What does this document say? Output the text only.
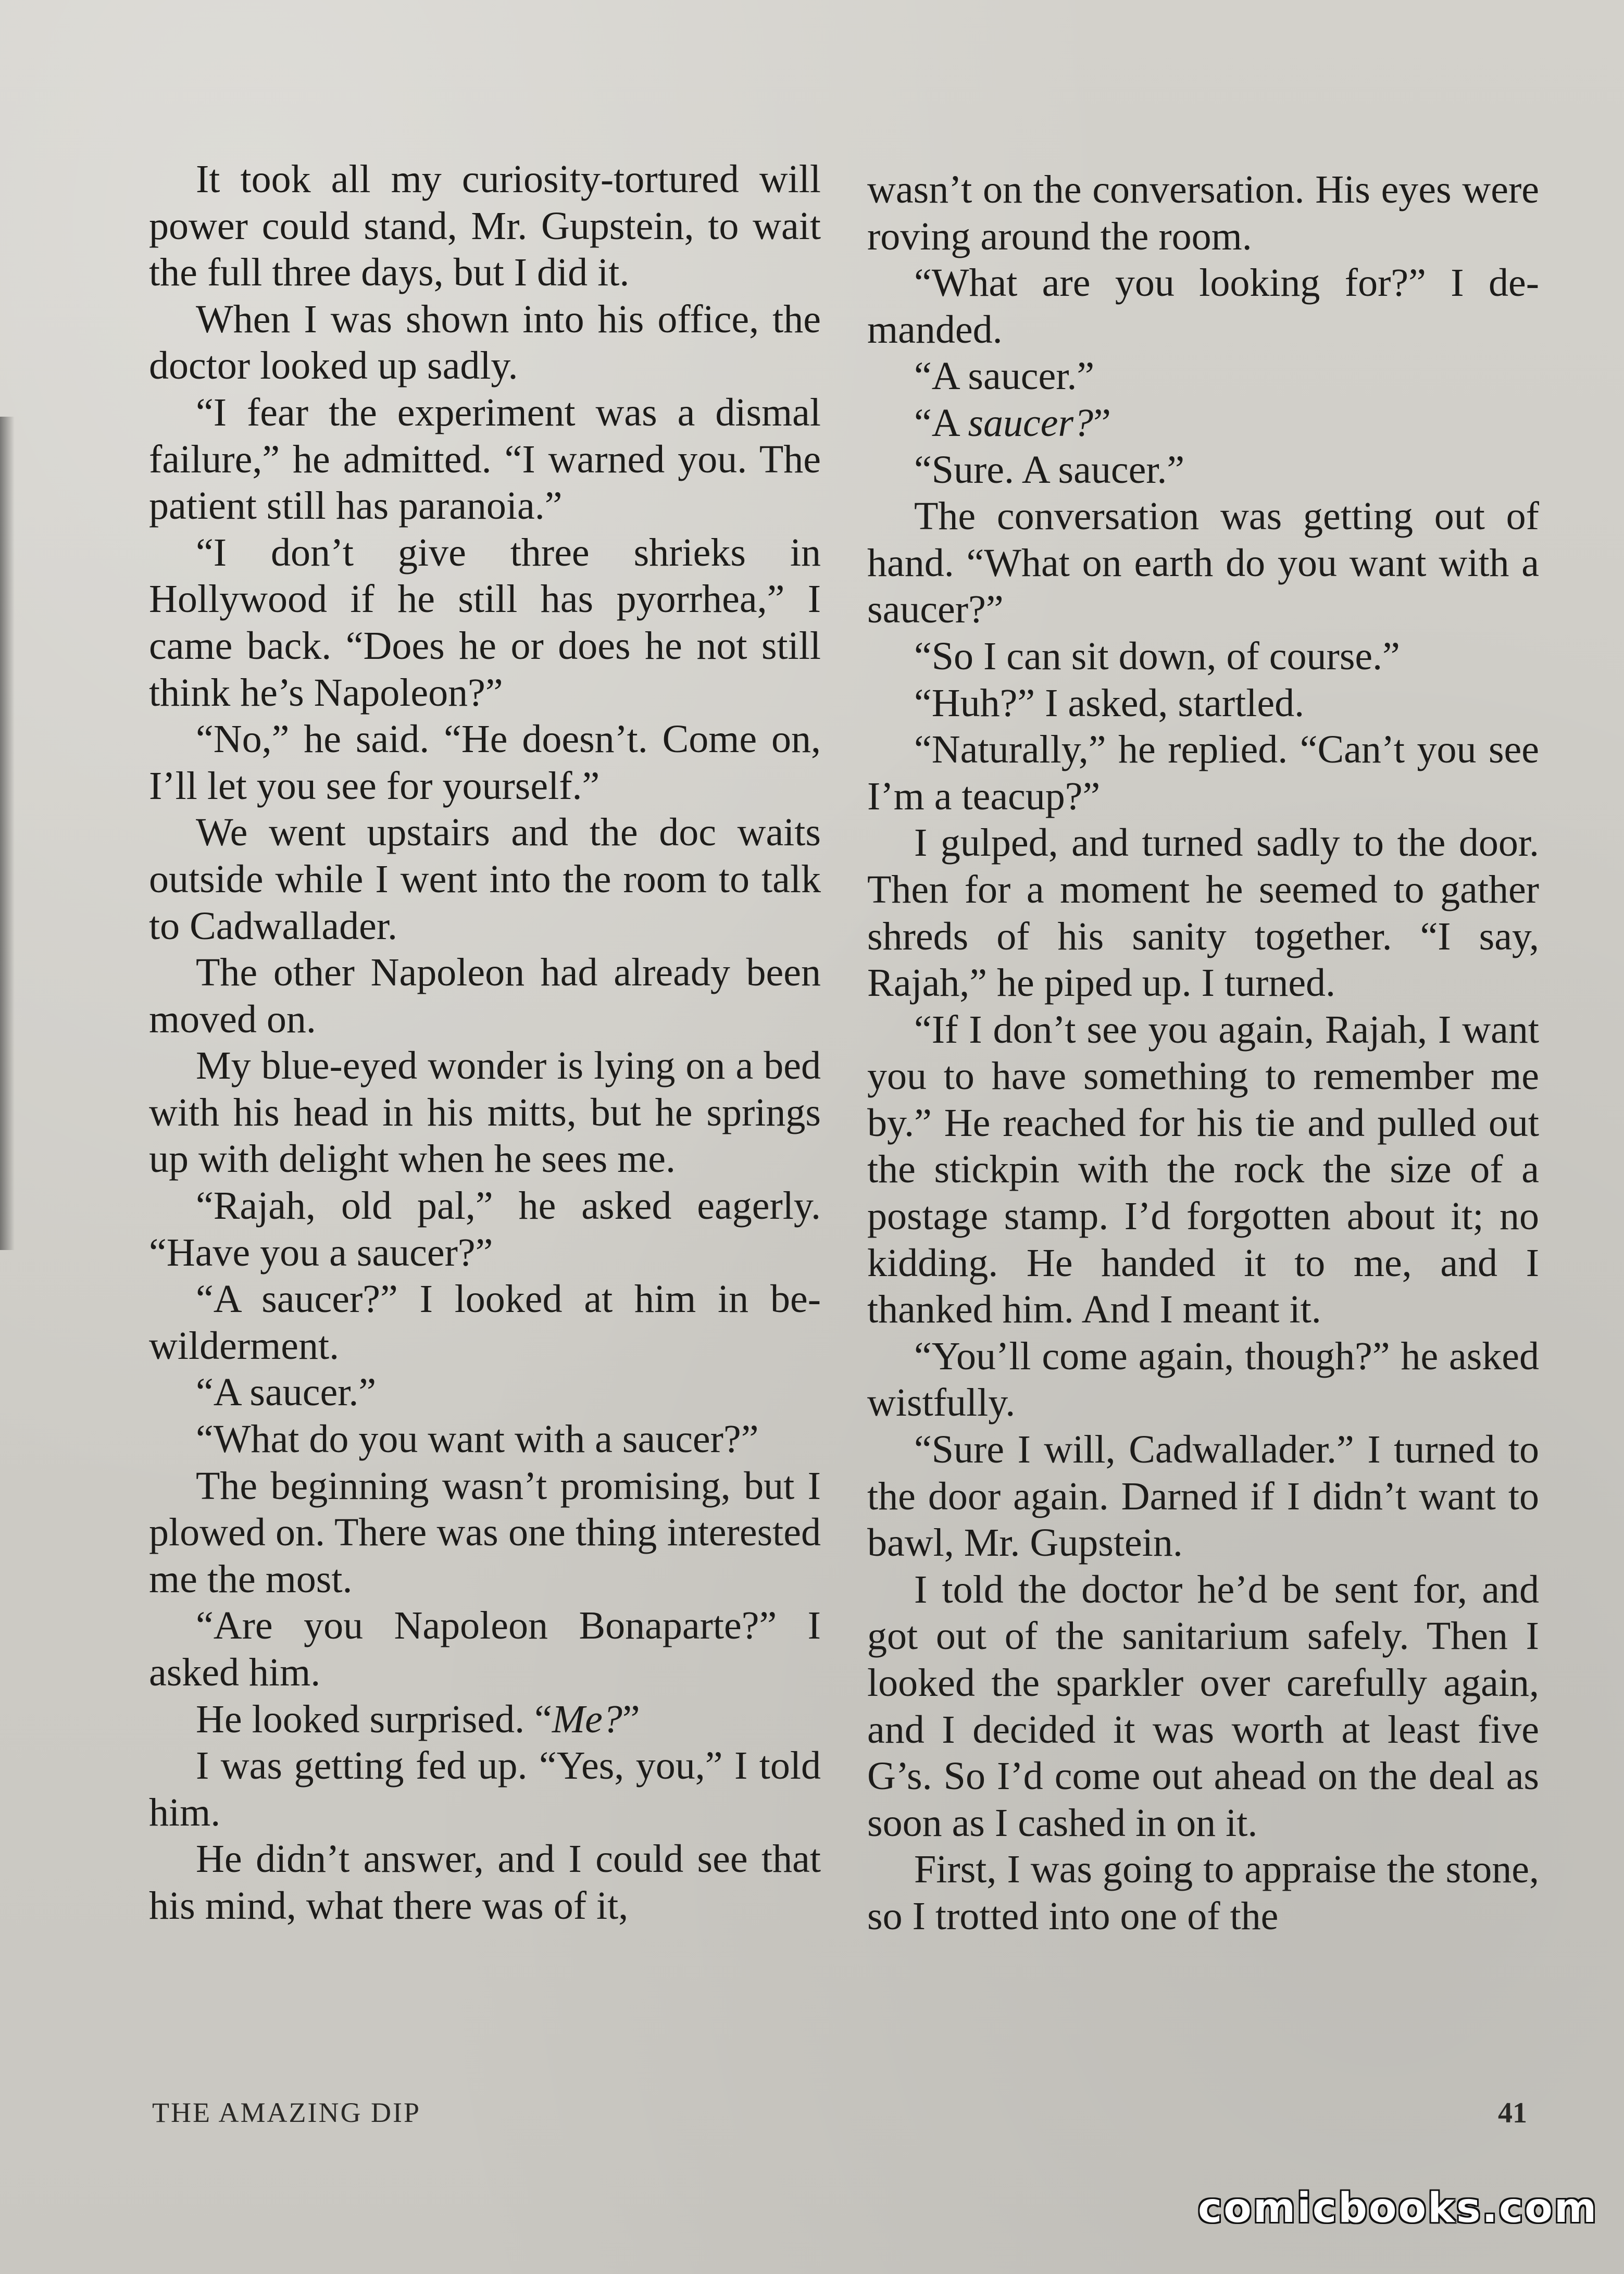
It took all my curiosity-tortured will power could stand, Mr. Gupstein, to wait the full three days, but I did it.

When I was shown into his office, the doctor looked up sadly.

“I fear the experiment was a dismal failure,” he admitted. “I warned you. The patient still has paranoia.”

“I don’t give three shrieks in Hollywood if he still has pyorrhea,” I came back. “Does he or does he not still think he’s Napoleon?”

“No,” he said. “He doesn’t. Come on, I’ll let you see for yourself.”

We went upstairs and the doc waits outside while I went into the room to talk to Cadwallader.

The other Napoleon had already been moved on.

My blue-eyed wonder is lying on a bed with his head in his mitts, but he springs up with delight when he sees me.

“Rajah, old pal,” he asked eagerly. “Have you a saucer?”

“A saucer?” I looked at him in bewilderment.

“A saucer.”

“What do you want with a saucer?”

The beginning wasn’t promising, but I plowed on. There was one thing interested me the most.

“Are you Napoleon Bonaparte?” I asked him.

He looked surprised. “Me?”

I was getting fed up. “Yes, you,” I told him.

He didn’t answer, and I could see that his mind, what there was of it,

wasn’t on the conversation. His eyes were roving around the room.

“What are you looking for?” I demanded.

“A saucer.”

“A saucer?”

“Sure. A saucer.”

The conversation was getting out of hand. “What on earth do you want with a saucer?”

“So I can sit down, of course.”

“Huh?” I asked, startled.

“Naturally,” he replied. “Can’t you see I’m a teacup?”

I gulped, and turned sadly to the door. Then for a moment he seemed to gather shreds of his sanity together. “I say, Rajah,” he piped up. I turned.

“If I don’t see you again, Rajah, I want you to have something to remember me by.” He reached for his tie and pulled out the stickpin with the rock the size of a postage stamp. I’d forgotten about it; no kidding. He handed it to me, and I thanked him. And I meant it.

“You’ll come again, though?” he asked wistfully.

“Sure I will, Cadwallader.” I turned to the door again. Darned if I didn’t want to bawl, Mr. Gupstein.

I told the doctor he’d be sent for, and got out of the sanitarium safely. Then I looked the sparkler over carefully again, and I decided it was worth at least five G’s. So I’d come out ahead on the deal as soon as I cashed in on it.

First, I was going to appraise the stone, so I trotted into one of the

THE AMAZING DIP	41
comicbooks.com
